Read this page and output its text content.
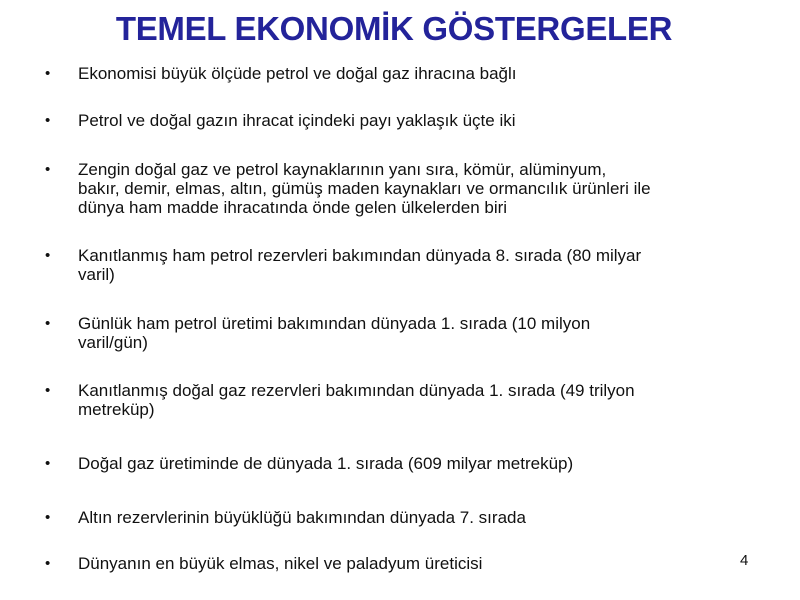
TEMEL EKONOMİK GÖSTERGELER
• Ekonomisi büyük ölçüde petrol ve doğal gaz ihracına bağlı
• Petrol ve doğal gazın ihracat içindeki payı yaklaşık üçte iki
• Zengin doğal gaz ve petrol kaynaklarının yanı sıra, kömür, alüminyum,
bakır, demir, elmas, altın, gümüş maden kaynakları ve ormancılık ürünleri ile
dünya ham madde ihracatında önde gelen ülkelerden biri
• Kanıtlanmış ham petrol rezervleri bakımından dünyada 8. sırada (80 milyar
varil)
• Günlük ham petrol üretimi bakımından dünyada 1. sırada (10 milyon
varil/gün)
• Kanıtlanmış doğal gaz rezervleri bakımından dünyada 1. sırada (49 trilyon
metreküp)
• Doğal gaz üretiminde de dünyada 1. sırada (609 milyar metreküp)
• Altın rezervlerinin büyüklüğü bakımından dünyada 7. sırada
• Dünyanın en büyük elmas, nikel ve paladyum üreticisi	4
